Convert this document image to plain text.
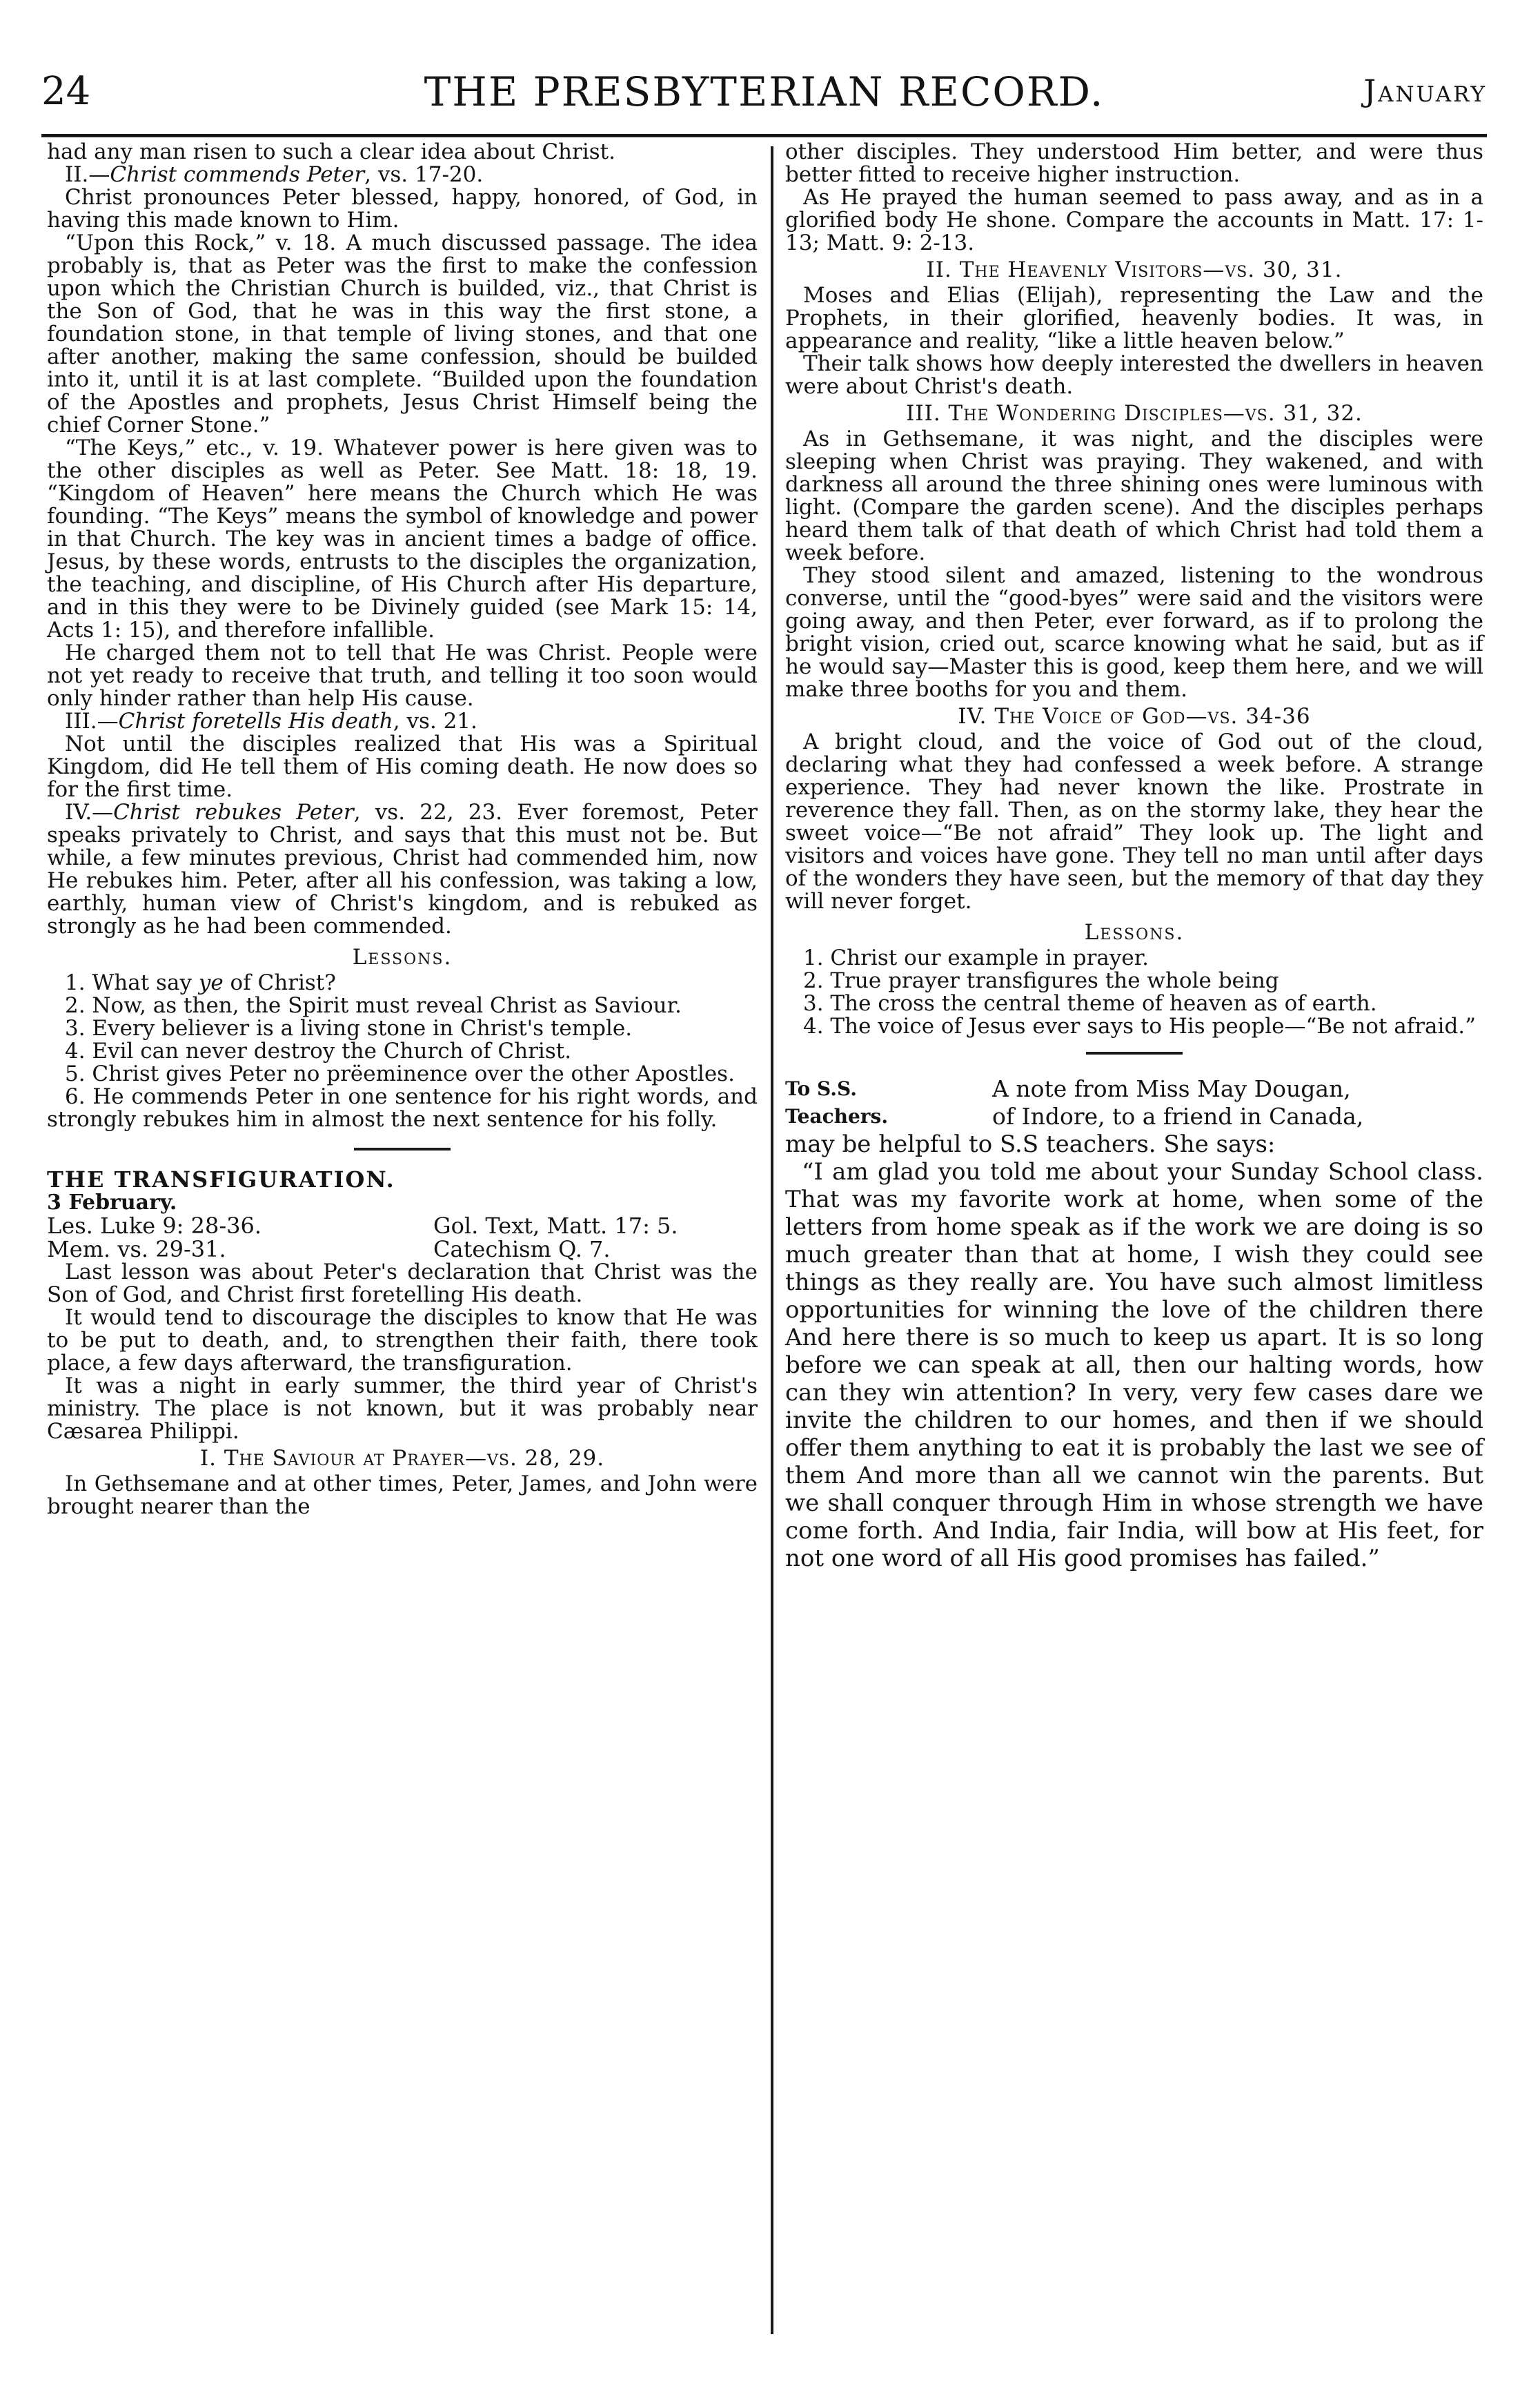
24	THE PRESBYTERIAN RECORD.	January

had any man risen to such a clear idea about Christ.

II.—Christ commends Peter, vs. 17-20.

Christ pronounces Peter blessed, happy, honored, of God, in having this made known to Him.

“Upon this Rock,” v. 18. A much discussed passage. The idea probably is, that as Peter was the first to make the confession upon which the Christian Church is builded, viz., that Christ is the Son of God, that he was in this way the first stone, a foundation stone, in that temple of living stones, and that one after another, making the same confession, should be builded into it, until it is at last complete. “Builded upon the foundation of the Apostles and prophets, Jesus Christ Himself being the chief Corner Stone.”

“The Keys,” etc., v. 19. Whatever power is here given was to the other disciples as well as Peter. See Matt. 18: 18, 19. “Kingdom of Heaven” here means the Church which He was founding. “The Keys” means the symbol of knowledge and power in that Church. The key was in ancient times a badge of office. Jesus, by these words, entrusts to the disciples the organization, the teaching, and discipline, of His Church after His departure, and in this they were to be Divinely guided (see Mark 15: 14, Acts 1: 15), and therefore infallible.

He charged them not to tell that He was Christ. People were not yet ready to receive that truth, and telling it too soon would only hinder rather than help His cause.

III.—Christ foretells His death, vs. 21.

Not until the disciples realized that His was a Spiritual Kingdom, did He tell them of His coming death. He now does so for the first time.

IV.—Christ rebukes Peter, vs. 22, 23. Ever foremost, Peter speaks privately to Christ, and says that this must not be. But while, a few minutes previous, Christ had commended him, now He rebukes him. Peter, after all his confession, was taking a low, earthly, human view of Christ's kingdom, and is rebuked as strongly as he had been commended.

Lessons.

1. What say ye of Christ?

2. Now, as then, the Spirit must reveal Christ as Saviour.

3. Every believer is a living stone in Christ's temple.

4. Evil can never destroy the Church of Christ.

5. Christ gives Peter no prëeminence over the other Apostles.

6. He commends Peter in one sentence for his right words, and strongly rebukes him in almost the next sentence for his folly.

THE TRANSFIGURATION.

3 February.

Les. Luke 9: 28-36.	Gol. Text, Matt. 17: 5.
Mem. vs. 29-31.	Catechism Q. 7.

Last lesson was about Peter's declaration that Christ was the Son of God, and Christ first foretelling His death.

It would tend to discourage the disciples to know that He was to be put to death, and, to strengthen their faith, there took place, a few days afterward, the transfiguration.

It was a night in early summer, the third year of Christ's ministry. The place is not known, but it was probably near Cæsarea Philippi.

I. The Saviour at Prayer—vs. 28, 29.

In Gethsemane and at other times, Peter, James, and John were brought nearer than the

other disciples. They understood Him better, and were thus better fitted to receive higher instruction.

As He prayed the human seemed to pass away, and as in a glorified body He shone. Compare the accounts in Matt. 17: 1-13; Matt. 9: 2-13.

II. The Heavenly Visitors—vs. 30, 31.

Moses and Elias (Elijah), representing the Law and the Prophets, in their glorified, heavenly bodies. It was, in appearance and reality, “like a little heaven below.”

Their talk shows how deeply interested the dwellers in heaven were about Christ's death.

III. The Wondering Disciples—vs. 31, 32.

As in Gethsemane, it was night, and the disciples were sleeping when Christ was praying. They wakened, and with darkness all around the three shining ones were luminous with light. (Compare the garden scene). And the disciples perhaps heard them talk of that death of which Christ had told them a week before.

They stood silent and amazed, listening to the wondrous converse, until the “good-byes” were said and the visitors were going away, and then Peter, ever forward, as if to prolong the bright vision, cried out, scarce knowing what he said, but as if he would say—Master this is good, keep them here, and we will make three booths for you and them.

IV. The Voice of God—vs. 34-36

A bright cloud, and the voice of God out of the cloud, declaring what they had confessed a week before. A strange experience. They had never known the like. Prostrate in reverence they fall. Then, as on the stormy lake, they hear the sweet voice—“Be not afraid” They look up. The light and visitors and voices have gone. They tell no man until after days of the wonders they have seen, but the memory of that day they will never forget.

Lessons.

1. Christ our example in prayer.

2. True prayer transfigures the whole being

3. The cross the central theme of heaven as of earth.

4. The voice of Jesus ever says to His people—“Be not afraid.”

To S.S.
Teachers.
A note from Miss May Dougan,
of Indore, to a friend in Canada,

may be helpful to S.S teachers. She says:

“I am glad you told me about your Sunday School class. That was my favorite work at home, when some of the letters from home speak as if the work we are doing is so much greater than that at home, I wish they could see things as they really are. You have such almost limitless opportunities for winning the love of the children there And here there is so much to keep us apart. It is so long before we can speak at all, then our halting words, how can they win attention? In very, very few cases dare we invite the children to our homes, and then if we should offer them anything to eat it is probably the last we see of them And more than all we cannot win the parents. But we shall conquer through Him in whose strength we have come forth. And India, fair India, will bow at His feet, for not one word of all His good promises has failed.”
